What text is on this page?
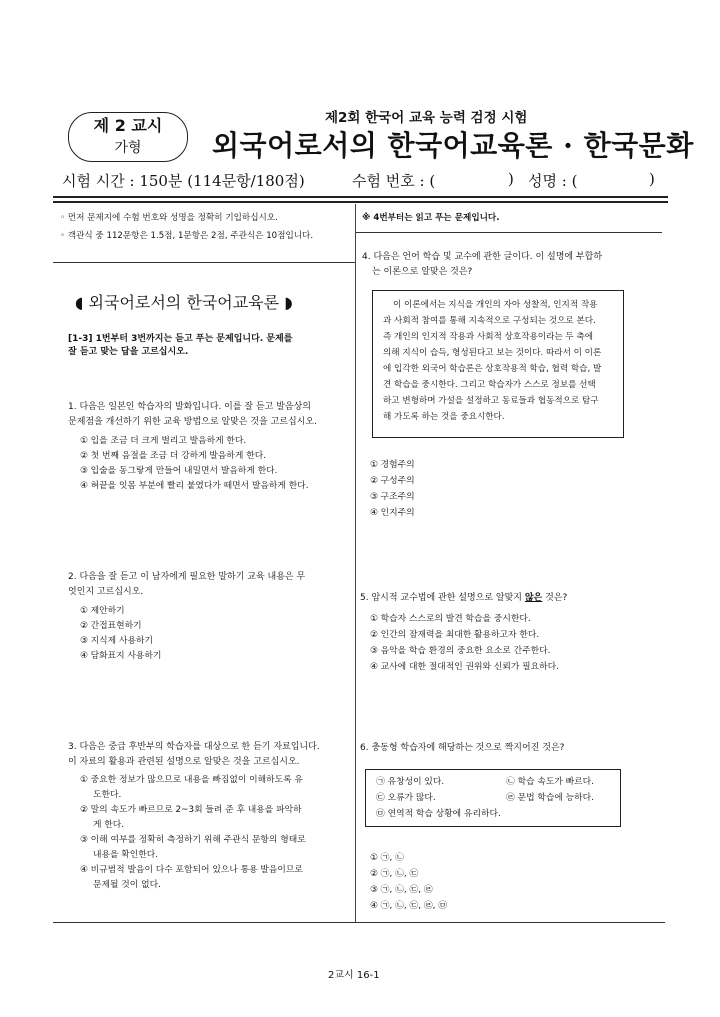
제 2 교시
가형
제2회 한국어 교육 능력 검정 시험
외국어로서의 한국어교육론 · 한국문화
시험 시간 : 150분 (114문항/180점)	수험 번호 : (	) 성명 : (	)
◦ 먼저 문제지에 수험 번호와 성명을 정확히 기입하십시오.
◦ 객관식 중 112문항은 1.5점, 1문항은 2점, 주관식은 10점입니다.
◖ 외국어로서의 한국어교육론 ◗
[1-3] 1번부터 3번까지는 듣고 푸는 문제입니다. 문제를
잘 듣고 맞는 답을 고르십시오.
1. 다음은 일본인 학습자의 발화입니다. 이를 잘 듣고 발음상의
문제점을 개선하기 위한 교육 방법으로 알맞은 것을 고르십시오.
① 입을 조금 더 크게 벌리고 발음하게 한다.
② 첫 번째 음절을 조금 더 강하게 발음하게 한다.
③ 입술을 동그랗게 만들어 내밀면서 발음하게 한다.
④ 혀끝을 잇몸 부분에 빨리 붙였다가 떼면서 발음하게 한다.
2. 다음을 잘 듣고 이 남자에게 필요한 말하기 교육 내용은 무
엇인지 고르십시오.
① 제안하기
② 간접표현하기
③ 지식제 사용하기
④ 담화표지 사용하기
3. 다음은 중급 후반부의 학습자를 대상으로 한 듣기 자료입니다.
이 자료의 활용과 관련된 설명으로 알맞은 것을 고르십시오.
① 중요한 정보가 많으므로 내용을 빠짐없이 이해하도록 유
도한다.
② 말의 속도가 빠르므로 2~3회 들려 준 후 내용을 파악하
게 한다.
③ 이해 여부를 정확히 측정하기 위해 주관식 문항의 형태로
내용을 확인한다.
④ 비규범적 발음이 다수 포함되어 있으나 통용 발음이므로
문제될 것이 없다.
※ 4번부터는 읽고 푸는 문제입니다.
4. 다음은 언어 학습 및 교수에 관한 글이다. 이 설명에 부합하
는 이론으로 알맞은 것은?
이 이론에서는 지식을 개인의 자아 성찰적, 인지적 작용
과 사회적 참여를 통해 지속적으로 구성되는 것으로 본다.
즉 개인의 인지적 작용과 사회적 상호작용이라는 두 축에
의해 지식이 습득, 형성된다고 보는 것이다. 따라서 이 이론
에 입각한 외국어 학습론은 상호작용적 학습, 협력 학습, 발
견 학습을 중시한다. 그리고 학습자가 스스로 정보를 선택
하고 변형하며 가설을 설정하고 동료들과 협동적으로 탐구
해 가도록 하는 것을 중요시한다.
① 경험주의
② 구성주의
③ 구조주의
④ 인지주의
5. 암시적 교수법에 관한 설명으로 알맞지 않은 것은?
① 학습자 스스로의 발견 학습을 중시한다.
② 인간의 잠재력을 최대한 활용하고자 한다.
③ 음악을 학습 환경의 중요한 요소로 간주한다.
④ 교사에 대한 절대적인 권위와 신뢰가 필요하다.
6. 충동형 학습자에 해당하는 것으로 짝지어진 것은?
㉠ 유창성이 있다.	㉡ 학습 속도가 빠르다.
㉢ 오류가 많다.	㉣ 문법 학습에 능하다.
㉤ 연역적 학습 상황에 유리하다.
① ㉠, ㉡
② ㉠, ㉡, ㉢
③ ㉠, ㉡, ㉢, ㉣
④ ㉠, ㉡, ㉢, ㉣, ㉤
2교시 16-1
